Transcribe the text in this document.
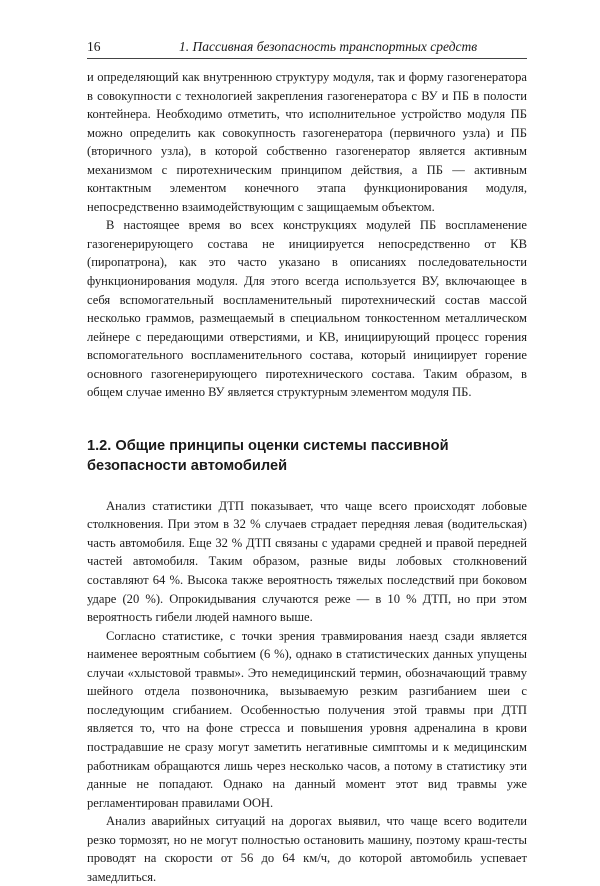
16	1. Пассивная безопасность транспортных средств

и определяющий как внутреннюю структуру модуля, так и форму газогенератора в совокупности с технологией закрепления газогенератора с ВУ и ПБ в полости контейнера. Необходимо отметить, что исполнительное устройство модуля ПБ можно определить как совокупность газогенератора (первичного узла) и ПБ (вторичного узла), в которой собственно газогенератор является активным механизмом с пиротехническим принципом действия, а ПБ — активным контактным элементом конечного этапа функционирования модуля, непосредственно взаимодействующим с защищаемым объектом.

В настоящее время во всех конструкциях модулей ПБ воспламенение газогенерирующего состава не инициируется непосредственно от КВ (пиропатрона), как это часто указано в описаниях последовательности функционирования модуля. Для этого всегда используется ВУ, включающее в себя вспомогательный воспламенительный пиротехнический состав массой несколько граммов, размещаемый в специальном тонкостенном металлическом лейнере с передающими отверстиями, и КВ, инициирующий процесс горения вспомогательного воспламенительного состава, который инициирует горение основного газогенерирующего пиротехнического состава. Таким образом, в общем случае именно ВУ является структурным элементом модуля ПБ.

1.2. Общие принципы оценки системы пассивной
безопасности автомобилей

Анализ статистики ДТП показывает, что чаще всего происходят лобовые столкновения. При этом в 32 % случаев страдает передняя левая (водительская) часть автомобиля. Еще 32 % ДТП связаны с ударами средней и правой передней частей автомобиля. Таким образом, разные виды лобовых столкновений составляют 64 %. Высока также вероятность тяжелых последствий при боковом ударе (20 %). Опрокидывания случаются реже — в 10 % ДТП, но при этом вероятность гибели людей намного выше.

Согласно статистике, с точки зрения травмирования наезд сзади является наименее вероятным событием (6 %), однако в статистических данных упущены случаи «хлыстовой травмы». Это немедицинский термин, обозначающий травму шейного отдела позвоночника, вызываемую резким разгибанием шеи с последующим сгибанием. Особенностью получения этой травмы при ДТП является то, что на фоне стресса и повышения уровня адреналина в крови пострадавшие не сразу могут заметить негативные симптомы и к медицинским работникам обращаются лишь через несколько часов, а потому в статистику эти данные не попадают. Однако на данный момент этот вид травмы уже регламентирован правилами ООН.

Анализ аварийных ситуаций на дорогах выявил, что чаще всего водители резко тормозят, но не могут полностью остановить машину, поэтому краш-тесты проводят на скорости от 56 до 64 км/ч, до которой автомобиль успевает замедлиться.
